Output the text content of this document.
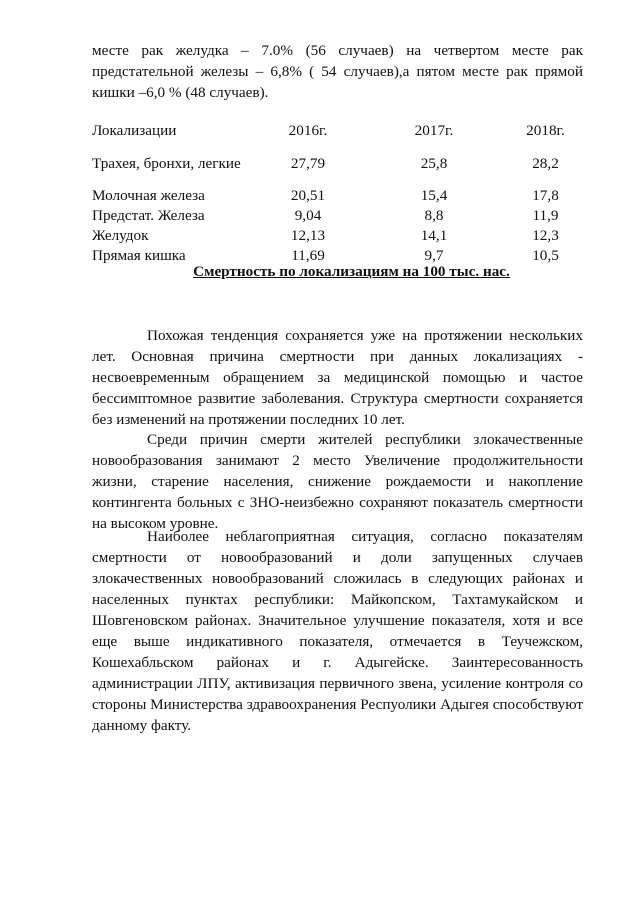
месте рак желудка – 7.0% (56 случаев) на четвертом месте рак предстательной железы – 6,8% ( 54 случаев),а пятом месте рак прямой кишки –6,0 % (48 случаев).

Локализации	2016г.	2017г.	2018г.
Трахея, бронхи, легкие	27,79	25,8	28,2
Молочная железа	20,51	15,4	17,8
Предстат. Железа	9,04	8,8	11,9
Желудок	12,13	14,1	12,3
Прямая кишка	11,69	9,7	10,5
Смертность по локализациям на 100 тыс. нас.

Похожая тенденция сохраняется уже на протяжении нескольких лет. Основная причина смертности при данных локализациях - несвоевременным обращением за медицинской помощью и частое бессимптомное развитие заболевания. Структура смертности сохраняется без изменений на протяжении последних 10 лет.

Среди причин смерти жителей республики злокачественные новообразования занимают 2 место Увеличение продолжительности жизни, старение населения, снижение рождаемости и накопление контингента больных с ЗНО-неизбежно сохраняют показатель смертности на высоком уровне.

Наиболее неблагоприятная ситуация, согласно показателям смертности от новообразований и доли запущенных случаев злокачественных новообразований сложилась в следующих районах и населенных пунктах республики: Майкопском, Тахтамукайском и Шовгеновском районах. Значительное улучшение показателя, хотя и все еще выше индикативного показателя, отмечается в Теучежском, Кошехабльском районах и г. Адыгейске. Заинтересованность администрации ЛПУ, активизация первичного звена, усиление контроля со стороны Министерства здравоохранения Респуолики Адыгея способствуют данному факту.
